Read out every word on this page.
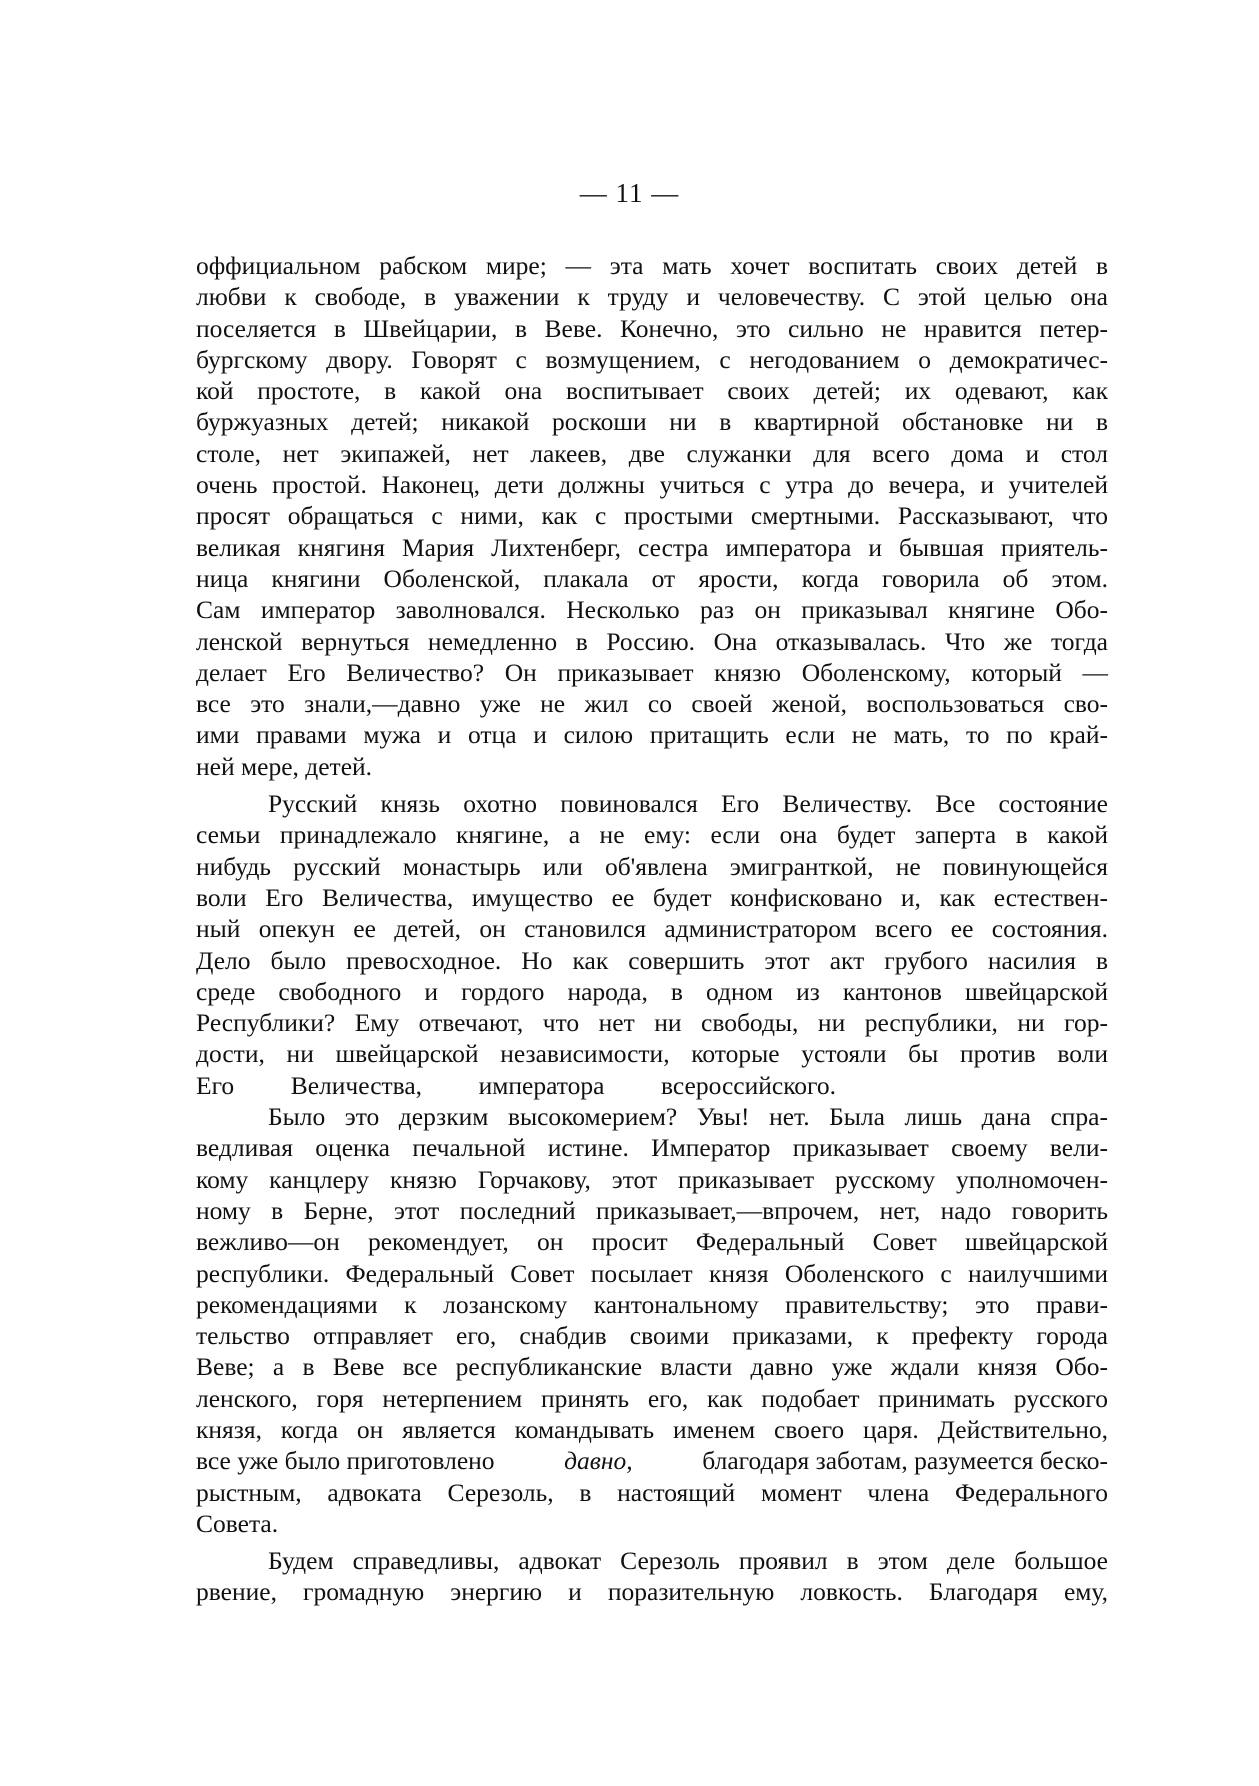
— 11 —
оффициальном рабском мире; — эта мать хочет воспитать своих детей в
любви к свободе, в уважении к труду и человечеству. С этой целью она
поселяется в Швейцарии, в Веве. Конечно, это сильно не нравится петер-
бургскому двору. Говорят с возмущением, с негодованием о демократичес-
кой простоте, в какой она воспитывает своих детей; их одевают, как
буржуазных детей; никакой роскоши ни в квартирной обстановке ни в
столе, нет экипажей, нет лакеев, две служанки для всего дома и стол
очень простой. Наконец, дети должны учиться с утра до вечера, и учителей
просят обращаться с ними, как с простыми смертными. Рассказывают, что
великая княгиня Мария Лихтенберг, сестра императора и бывшая приятель-
ница княгини Оболенской, плакала от ярости, когда говорила об этом.
Сам император заволновался. Несколько раз он приказывал княгине Обо-
ленской вернуться немедленно в Россию. Она отказывалась. Что же тогда
делает Его Величество? Он приказывает князю Оболенскому, который —
все это знали,—давно уже не жил со своей женой, воспользоваться сво-
ими правами мужа и отца и силою притащить если не мать, то по край-
ней мере, детей.
Русский князь охотно повиновался Его Величеству. Все состояние
семьи принадлежало княгине, а не ему: если она будет заперта в какой
нибудь русский монастырь или об'явлена эмигранткой, не повинующейся
воли Его Величества, имущество ее будет конфисковано и, как естествен-
ный опекун ее детей, он становился администратором всего ее состояния.
Дело было превосходное. Но как совершить этот акт грубого насилия в
среде свободного и гордого народа, в одном из кантонов швейцарской
Республики? Ему отвечают, что нет ни свободы, ни республики, ни гор-
дости, ни швейцарской независимости, которые устояли бы против воли
Его Величества, императора всероссийского.
Было это дерзким высокомерием? Увы! нет. Была лишь дана спра-
ведливая оценка печальной истине. Император приказывает своему вели-
кому канцлеру князю Горчакову, этот приказывает русскому уполномочен-
ному в Берне, этот последний приказывает,—впрочем, нет, надо говорить
вежливо—он рекомендует, он просит Федеральный Совет швейцарской
республики. Федеральный Совет посылает князя Оболенского с наилучшими
рекомендациями к лозанскому кантональному правительству; это прави-
тельство отправляет его, снабдив своими приказами, к префекту города
Веве; а в Веве все республиканские власти давно уже ждали князя Обо-
ленского, горя нетерпением принять его, как подобает принимать русского
князя, когда он является командывать именем своего царя. Действительно,
все уже было приготовлено	давно,	благодаря заботам, разумеется беско-
рыстным, адвоката Серезоль, в настоящий момент члена Федерального
Совета.
Будем справедливы, адвокат Серезоль проявил в этом деле большое
рвение, громадную энергию и поразительную ловкость. Благодаря ему,
